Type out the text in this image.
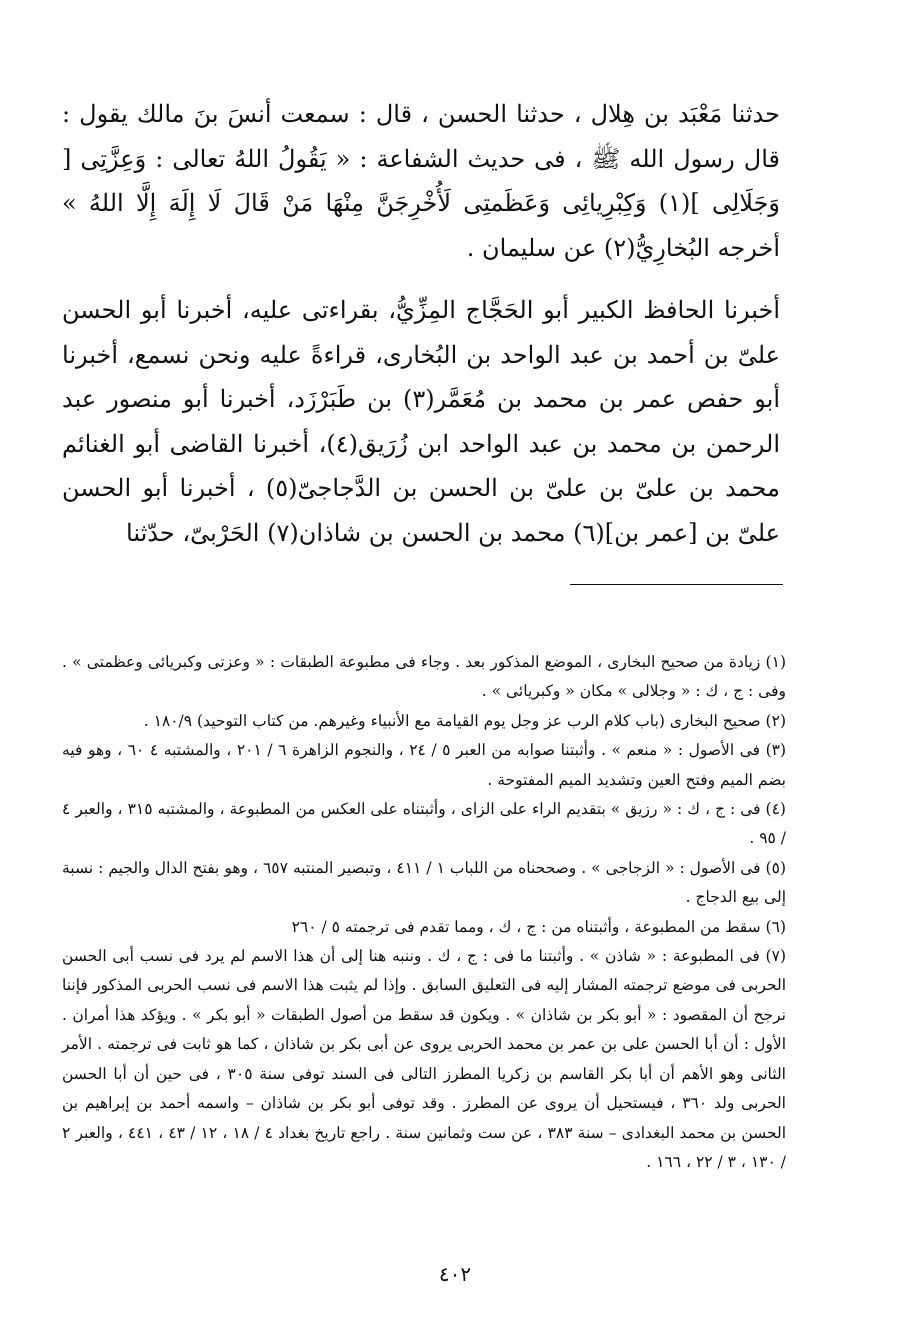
حدثنا مَعْبَد بن هِلال ، حدثنا الحسن ، قال : سمعت أنسَ بنَ مالك يقول : قال رسول الله ﷺ ، فى حديث الشفاعة : « يَقُولُ اللهُ تعالى : وَعِزَّتِى [ وَجَلَالِى ](١) وَكِبْرِيائِى وَعَظَمتِى لَأُخْرِجَنَّ مِنْهَا مَنْ قَالَ لَا إِلَهَ إِلَّا اللهُ » أخرجه البُخارِيُّ(٢) عن سليمان .

أخبرنا الحافظ الكبير أبو الحَجَّاج المِزِّيُّ، بقراءتى عليه، أخبرنا أبو الحسن علىّ بن أحمد بن عبد الواحد بن البُخارى، قراءةً عليه ونحن نسمع، أخبرنا أبو حفص عمر بن محمد بن مُعَمَّر(٣) بن طَبَرْزَد، أخبرنا أبو منصور عبد الرحمن بن محمد بن عبد الواحد ابن زُرَيق(٤)، أخبرنا القاضى أبو الغنائم محمد بن علىّ بن علىّ بن الحسن بن الدَّجاجىّ(٥) ، أخبرنا أبو الحسن علىّ بن [عمر بن](٦) محمد بن الحسن بن شاذان(٧) الحَرْبىّ، حدّثنا

(١) زيادة من صحيح البخارى ، الموضع المذكور بعد . وجاء فى مطبوعة الطبقات : « وعزتى وكبريائى وعظمتى » . وفى : ج ، ك : « وجلالى » مكان « وكبريائى » .

(٢) صحيح البخارى (باب كلام الرب عز وجل يوم القيامة مع الأنبياء وغيرهم. من كتاب التوحيد) ١٨٠/٩ .

(٣) فى الأصول : « منعم » . وأثبتنا صوابه من العبر ٥ / ٢٤ ، والنجوم الزاهرة ٦ / ٢٠١ ، والمشتبه ٤ ٦٠ ، وهو فيه بضم الميم وفتح العين وتشديد الميم المفتوحة .

(٤) فى : ج ، ك : « رزيق » بتقديم الراء على الزاى ، وأثبتناه على العكس من المطبوعة ، والمشتبه ٣١٥ ، والعبر ٤ / ٩٥ .

(٥) فى الأصول : « الزجاجى » . وصححناه من اللباب ١ / ٤١١ ، وتبصير المنتبه ٦٥٧ ، وهو بفتح الدال والجيم : نسبة إلى بيع الدجاج .

(٦) سقط من المطبوعة ، وأثبتناه من : ج ، ك ، ومما تقدم فى ترجمته ٥ / ٢٦٠

(٧) فى المطبوعة : « شاذن » . وأثبتنا ما فى : ج ، ك . وننبه هنا إلى أن هذا الاسم لم يرد فى نسب أبى الحسن الحربى فى موضع ترجمته المشار إليه فى التعليق السابق . وإذا لم يثبت هذا الاسم فى نسب الحربى المذكور فإننا نرجح أن المقصود : « أبو بكر بن شاذان » . ويكون قد سقط من أصول الطبقات « أبو بكر » . ويؤكد هذا أمران . الأول : أن أبا الحسن على بن عمر بن محمد الحربى يروى عن أبى بكر بن شاذان ، كما هو ثابت فى ترجمته . الأمر الثانى وهو الأهم أن أبا بكر القاسم بن زكريا المطرز التالى فى السند توفى سنة ٣٠٥ ، فى حين أن أبا الحسن الحربى ولد ٣٦٠ ، فيستحيل أن يروى عن المطرز . وقد توفى أبو بكر بن شاذان – واسمه أحمد بن إبراهيم بن الحسن بن محمد البغدادى – سنة ٣٨٣ ، عن ست وثمانين سنة . راجع تاريخ بغداد ٤ / ١٨ ، ١٢ / ٤٣ ، ٤٤١ ، والعبر ٢ / ١٣٠ ، ٣ / ٢٢ ، ١٦٦ .

٤٠٢
